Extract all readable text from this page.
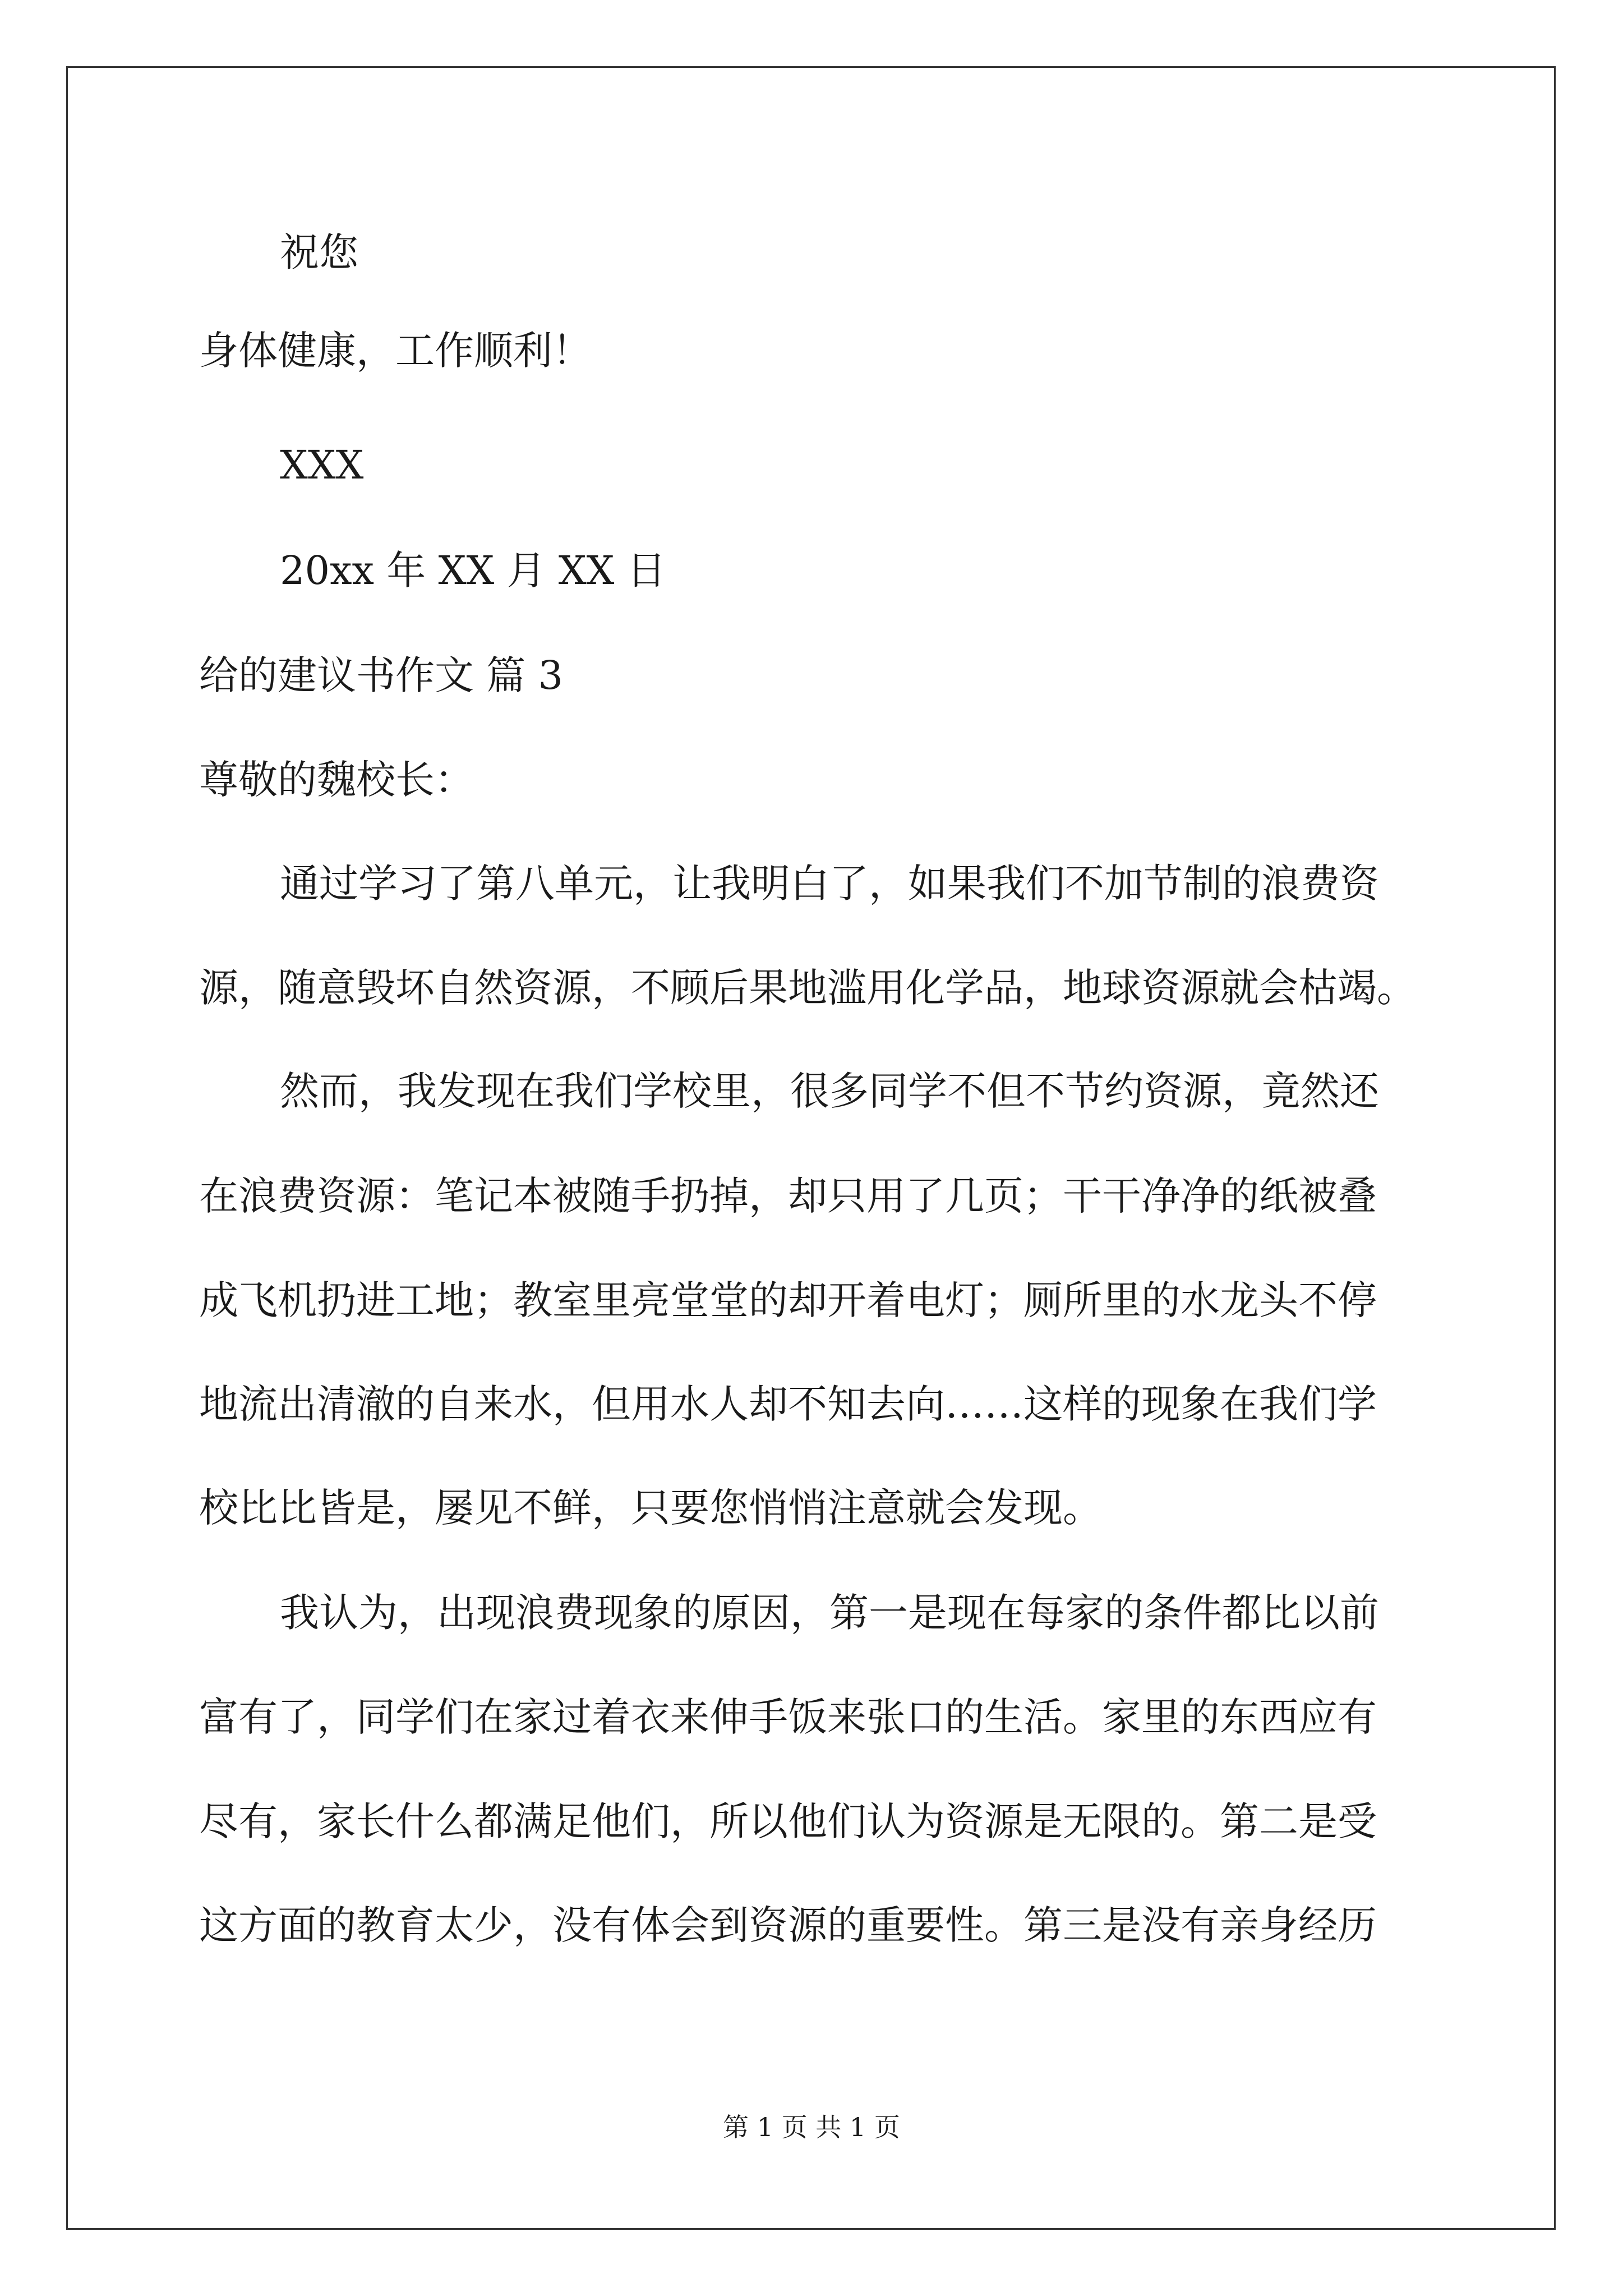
祝您
身体健康，工作顺利！
XXX
20xx 年 XX 月 XX 日
给的建议书作文 篇 3
尊敬的魏校长：
通过学习了第八单元，让我明白了，如果我们不加节制的浪费资
源，随意毁坏自然资源，不顾后果地滥用化学品，地球资源就会枯竭。
然而，我发现在我们学校里，很多同学不但不节约资源，竟然还
在浪费资源：笔记本被随手扔掉，却只用了几页；干干净净的纸被叠
成飞机扔进工地；教室里亮堂堂的却开着电灯；厕所里的水龙头不停
地流出清澈的自来水，但用水人却不知去向……这样的现象在我们学
校比比皆是，屡见不鲜，只要您悄悄注意就会发现。
我认为，出现浪费现象的原因，第一是现在每家的条件都比以前
富有了，同学们在家过着衣来伸手饭来张口的生活。家里的东西应有
尽有，家长什么都满足他们，所以他们认为资源是无限的。第二是受
这方面的教育太少，没有体会到资源的重要性。第三是没有亲身经历
第 1 页 共 1 页
